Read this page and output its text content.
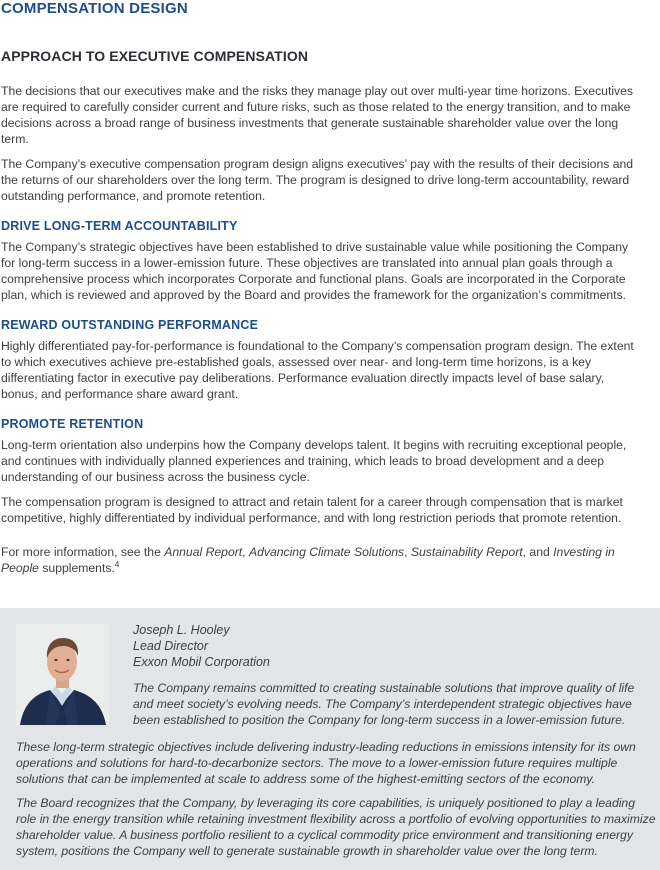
COMPENSATION DESIGN
APPROACH TO EXECUTIVE COMPENSATION

The decisions that our executives make and the risks they manage play out over multi-year time horizons. Executives are required to carefully consider current and future risks, such as those related to the energy transition, and to make decisions across a broad range of business investments that generate sustainable shareholder value over the long term.

The Company’s executive compensation program design aligns executives’ pay with the results of their decisions and the returns of our shareholders over the long term. The program is designed to drive long-term accountability, reward outstanding performance, and promote retention.

DRIVE LONG-TERM ACCOUNTABILITY

The Company’s strategic objectives have been established to drive sustainable value while positioning the Company for long-term success in a lower-emission future. These objectives are translated into annual plan goals through a comprehensive process which incorporates Corporate and functional plans. Goals are incorporated in the Corporate plan, which is reviewed and approved by the Board and provides the framework for the organization’s commitments.

REWARD OUTSTANDING PERFORMANCE

Highly differentiated pay-for-performance is foundational to the Company’s compensation program design. The extent to which executives achieve pre-established goals, assessed over near- and long-term time horizons, is a key differentiating factor in executive pay deliberations. Performance evaluation directly impacts level of base salary, bonus, and performance share award grant.

PROMOTE RETENTION

Long-term orientation also underpins how the Company develops talent. It begins with recruiting exceptional people, and continues with individually planned experiences and training, which leads to broad development and a deep understanding of our business across the business cycle.

The compensation program is designed to attract and retain talent for a career through compensation that is market competitive, highly differentiated by individual performance, and with long restriction periods that promote retention.

For more information, see the Annual Report, Advancing Climate Solutions, Sustainability Report, and Investing in People supplements.$^4$

Joseph L. Hooley
Lead Director
Exxon Mobil Corporation

The Company remains committed to creating sustainable solutions that improve quality of life and meet society’s evolving needs. The Company’s interdependent strategic objectives have been established to position the Company for long-term success in a lower-emission future.

These long-term strategic objectives include delivering industry-leading reductions in emissions intensity for its own operations and solutions for hard-to-decarbonize sectors. The move to a lower-emission future requires multiple solutions that can be implemented at scale to address some of the highest-emitting sectors of the economy.

The Board recognizes that the Company, by leveraging its core capabilities, is uniquely positioned to play a leading role in the energy transition while retaining investment flexibility across a portfolio of evolving opportunities to maximize shareholder value. A business portfolio resilient to a cyclical commodity price environment and transitioning energy system, positions the Company well to generate sustainable growth in shareholder value over the long term.
